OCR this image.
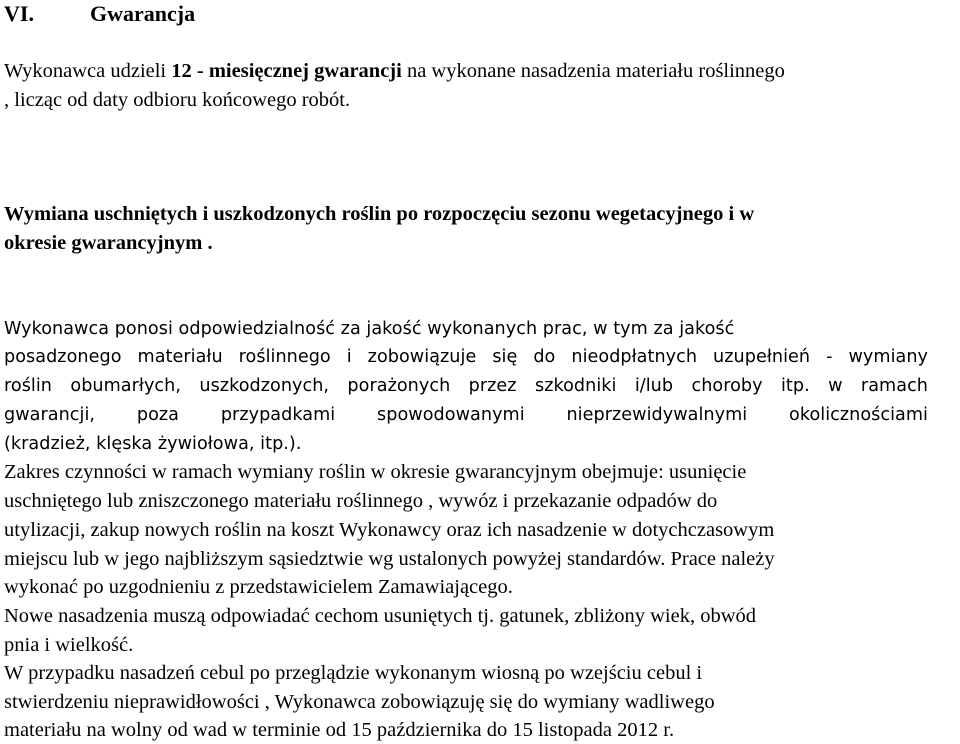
VI.	Gwarancja
Wykonawca udzieli 12 - miesięcznej gwarancji na wykonane nasadzenia materiału roślinnego
, licząc od daty odbioru końcowego robót.
Wymiana uschniętych i uszkodzonych roślin po rozpoczęciu sezonu wegetacyjnego i w
okresie gwarancyjnym .
Wykonawca ponosi odpowiedzialność za jakość wykonanych prac, w tym za jakość
posadzonego materiału roślinnego i zobowiązuje się do nieodpłatnych uzupełnień - wymiany
roślin obumarłych, uszkodzonych, porażonych przez szkodniki i/lub choroby itp. w ramach
gwarancji, poza przypadkami spowodowanymi nieprzewidywalnymi okolicznościami
(kradzież, klęska żywiołowa, itp.).
Zakres czynności w ramach wymiany roślin w okresie gwarancyjnym obejmuje: usunięcie
uschniętego lub zniszczonego materiału roślinnego , wywóz i przekazanie odpadów do
utylizacji, zakup nowych roślin na koszt Wykonawcy oraz ich nasadzenie w dotychczasowym
miejscu lub w jego najbliższym sąsiedztwie wg ustalonych powyżej standardów. Prace należy
wykonać po uzgodnieniu z przedstawicielem Zamawiającego.
Nowe nasadzenia muszą odpowiadać cechom usuniętych tj. gatunek, zbliżony wiek, obwód
pnia i wielkość.
W przypadku nasadzeń cebul po przeglądzie wykonanym wiosną po wzejściu cebul i
stwierdzeniu nieprawidłowości , Wykonawca zobowiązuję się do wymiany wadliwego
materiału na wolny od wad w terminie od 15 października do 15 listopada 2012 r.
